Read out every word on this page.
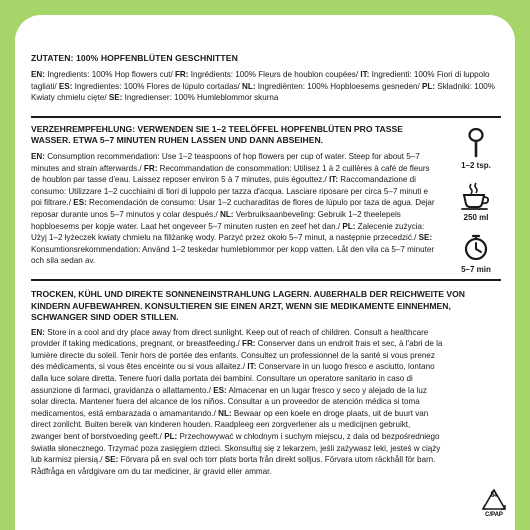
ZUTATEN: 100% HOPFENBLÜTEN GESCHNITTEN

EN: Ingredients: 100% Hop flowers cut/ FR: Ingrédients: 100% Fleurs de houblon coupées/ IT: Ingredienti: 100% Fiori di luppolo tagliati/ ES: Ingredientes: 100% Flores de lúpulo cortadas/ NL: Ingrediënten: 100% Hopbloesems gesneden/ PL: Składniki: 100% Kwiaty chmielu cięte/ SE: Ingredienser: 100% Humleblommor skurna

VERZEHREMPFEHLUNG: VERWENDEN SIE 1–2 TEELÖFFEL HOPFENBLÜTEN PRO TASSE WASSER. ETWA 5–7 MINUTEN RUHEN LASSEN UND DANN ABSEIHEN.

EN: Consumption recommendation: Use 1–2 teaspoons of hop flowers per cup of water. Steep for about 5–7 minutes and strain afterwards./ FR: Recommandation de consommation: Utilisez 1 à 2 cuillères à café de fleurs de houblon par tasse d'eau. Laissez reposer environ 5 à 7 minutes, puis égouttez./ IT: Raccomandazione di consumo: Utilizzare 1–2 cucchiaini di fiori di luppolo per tazza d'acqua. Lasciare riposare per circa 5–7 minuti e poi filtrare./ ES: Recomendación de consumo: Usar 1–2 cucharaditas de flores de lúpulo por taza de agua. Dejar reposar durante unos 5–7 minutos y colar después./ NL: Verbruiksaanbeveling: Gebruik 1–2 theelepels hopbloesems per kopje water. Laat het ongeveer 5–7 minuten rusten en zeef het dan./ PL: Zalecenie zużycia: Użyj 1–2 łyżeczek kwiaty chmielu na filiżankę wody. Parzyć przez około 5–7 minut, a następnie przecedzić./ SE: Konsumtionsrekommendation: Använd 1–2 teskedar humleblommor per kopp vatten. Låt den vila ca 5–7 minuter och sila sedan av.

1–2 tsp.
250 ml
5–7 min
TROCKEN, KÜHL UND DIREKTE SONNENEINSTRAHLUNG LAGERN. AUßERHALB DER REICHWEITE VON KINDERN AUFBEWAHREN. KONSULTIEREN SIE EINEN ARZT, WENN SIE MEDIKAMENTE EINNEHMEN, SCHWANGER SIND ODER STILLEN.

EN: Store in a cool and dry place away from direct sunlight. Keep out of reach of children. Consult a healthcare provider if taking medications, pregnant, or breastfeeding./ FR: Conserver dans un endroit frais et sec, à l'abri de la lumière directe du soleil. Tenir hors de portée des enfants. Consultez un professionnel de la santé si vous prenez des médicaments, si vous êtes enceinte ou si vous allaitez./ IT: Conservare in un luogo fresco e asciutto, lontano dalla luce solare diretta. Tenere fuori dalla portata dei bambini. Consultare un operatore sanitario in caso di assunzione di farmaci, gravidanza o allattamento./ ES: Almacenar en un lugar fresco y seco y alejado de la luz solar directa. Mantener fuera del alcance de los niños. Consultar a un proveedor de atención médica si toma medicamentos, está embarazada o amamantando./ NL: Bewaar op een koele en droge plaats, uit de buurt van direct zonlicht. Buiten bereik van kinderen houden. Raadpleeg een zorgverlener als u medicijnen gebruikt, zwanger bent of borstvoeding geeft./ PL: Przechowywać w chłodnym i suchym miejscu, z dala od bezpośredniego światła słonecznego. Trzymać poza zasięgiem dzieci. Skonsultuj się z lekarzem, jeśli zażywasz leki, jesteś w ciąży lub karmisz piersią./ SE: Förvara på en sval och torr plats borta från direkt solljus. Förvara utom räckhåll för barn. Rådfråga en vårdgivare om du tar mediciner, är gravid eller ammar.

84
C/PAP
